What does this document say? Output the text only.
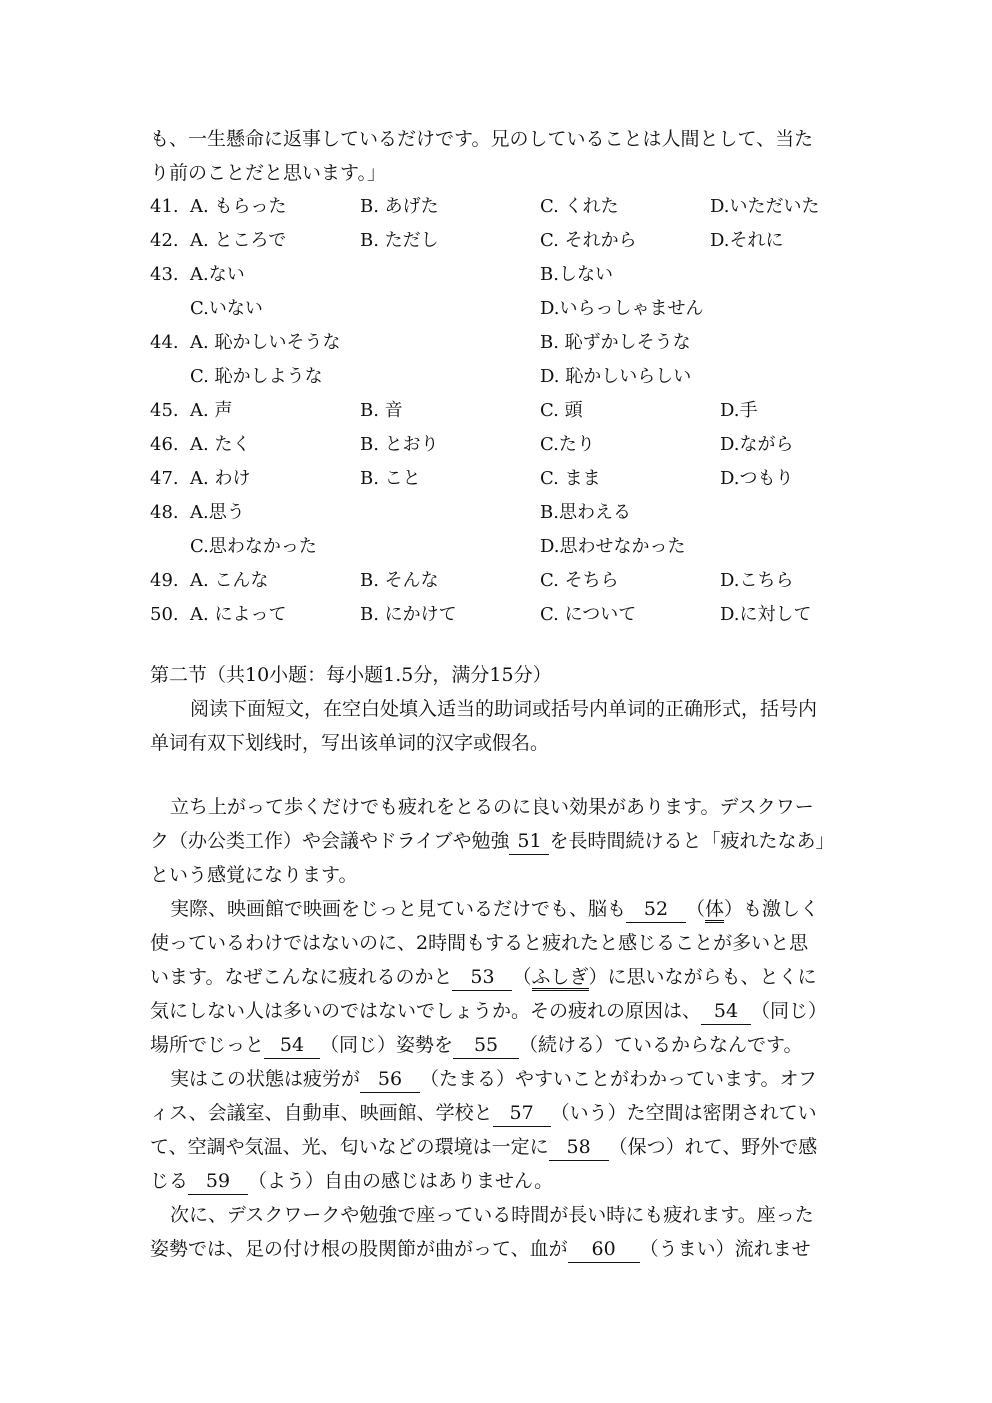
も、一生懸命に返事しているだけです。兄のしていることは人間として、当た
り前のことだと思います。」
41. A. もらった	B. あげた	C. くれた	D.いただいた
42. A. ところで	B. ただし	C. それから	D.それに
43. A.ない	B.しない
C.いない	D.いらっしゃません
44. A. 恥かしいそうな	B. 恥ずかしそうな
C. 恥かしような	D. 恥かしいらしい
45. A. 声	B. 音	C. 頭	D.手
46. A. たく	B. とおり	C.たり	D.ながら
47. A. わけ	B. こと	C. まま	D.つもり
48. A.思う	B.思わえる
C.思わなかった	D.思わせなかった
49. A. こんな	B. そんな	C. そちら	D.こちら
50. A. によって	B. にかけて	C. について	D.に対して
第二节（共10小题：每小题1.5分，满分15分）
阅读下面短文，在空白处填入适当的助词或括号内单词的正确形式，括号内
单词有双下划线时，写出该单词的汉字或假名。
立ち上がって歩くだけでも疲れをとるのに良い効果があります。デスクワー
ク（办公类工作）や会議やドライブや勉強 51 を長時間続けると「疲れたなあ」
という感覚になります。
実際、映画館で映画をじっと見ているだけでも、脳も 52 （体）も激しく
使っているわけではないのに、2時間もすると疲れたと感じることが多いと思
います。なぜこんなに疲れるのかと 53 （ふしぎ）に思いながらも、とくに
気にしない人は多いのではないでしょうか。その疲れの原因は、 54 （同じ）
場所でじっと 54 （同じ）姿勢を 55 （続ける）ているからなんです。
実はこの状態は疲労が 56 （たまる）やすいことがわかっています。オフ
ィス、会議室、自動車、映画館、学校と 57 （いう）た空間は密閉されてい
て、空調や気温、光、匂いなどの環境は一定に 58 （保つ）れて、野外で感
じる 59 （よう）自由の感じはありません。
次に、デスクワークや勉強で座っている時間が長い時にも疲れます。座った
姿勢では、足の付け根の股関節が曲がって、血が 60 （うまい）流れませ
